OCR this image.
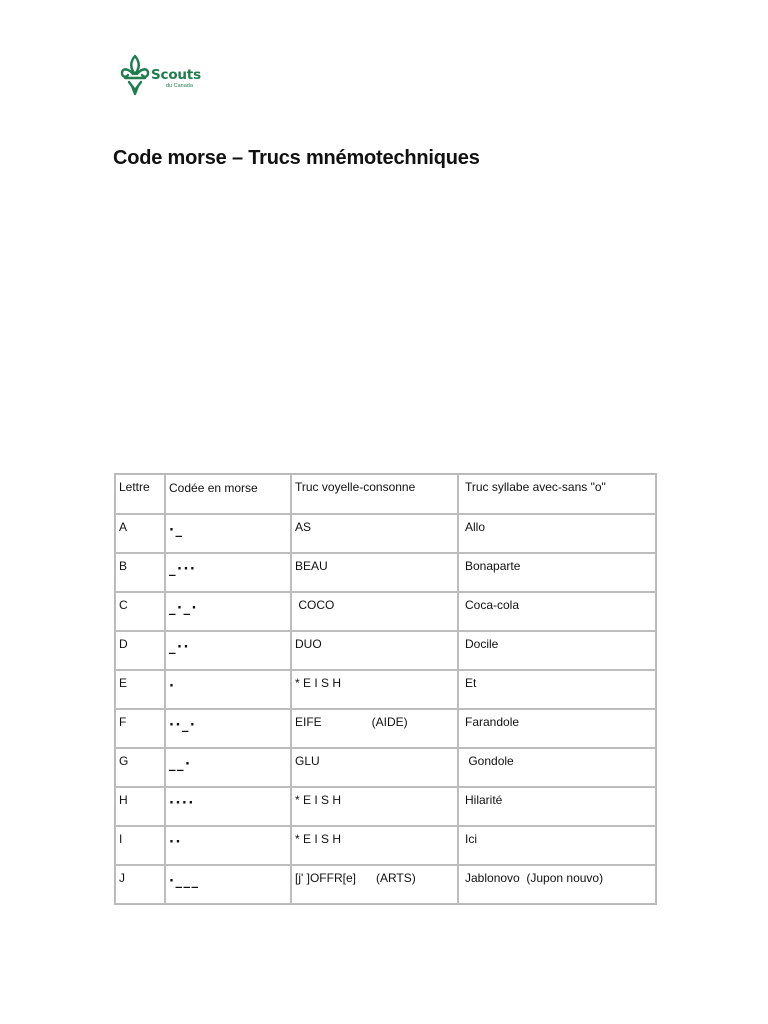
Scouts
du Canada
Code morse – Trucs mnémotechniques
Lettre	Codée en morse	Truc voyelle-consonne	Truc syllabe avec-sans "o"

A	·_	AS	Allo

B	_···	BEAU	Bonaparte

C	_·_·	COCO	Coca-cola

D	_··	DUO	Docile

E	·	* E I S H	Et

F	··_·	EIFE               (AIDE)	Farandole

G	__·	GLU	Gondole

H	····	* E I S H	Hilarité

I	··	* E I S H	Ici

J	·___	[j' ]OFFR[e]      (ARTS)	Jablonovo  (Jupon nouvo)
